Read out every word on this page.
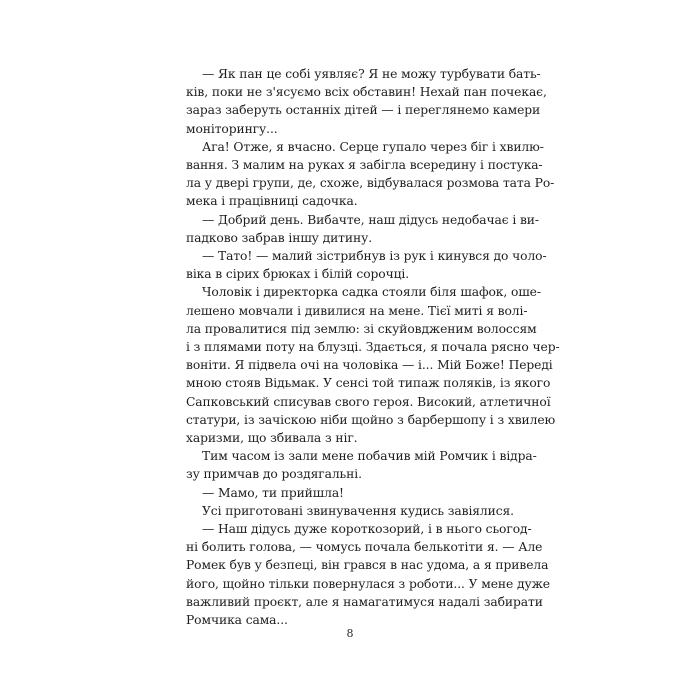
— Як пан це собі уявляє? Я не можу турбувати бать-
ків, поки не з'ясуємо всіх обставин! Нехай пан почекає,
зараз заберуть останніх дітей — і переглянемо камери
моніторингу...
Ага! Отже, я вчасно. Серце гупало через біг і хвилю-
вання. З малим на руках я забігла всередину і постука-
ла у двері групи, де, схоже, відбувалася розмова тата Ро-
мека і працівниці садочка.
— Добрий день. Вибачте, наш дідусь недобачає і ви-
падково забрав іншу дитину.
— Тато! — малий зістрибнув із рук і кинувся до чоло-
віка в сірих брюках і білій сорочці.
Чоловік і директорка садка стояли біля шафок, оше-
лешено мовчали і дивилися на мене. Тієї миті я волі-
ла провалитися під землю: зі скуйовдженим волоссям
і з плямами поту на блузці. Здається, я почала рясно чер-
воніти. Я підвела очі на чоловіка — і... Мій Боже! Переді
мною стояв Відьмак. У сенсі той типаж поляків, із якого
Сапковський списував свого героя. Високий, атлетичної
статури, із зачіскою ніби щойно з барбершопу і з хвилею
харизми, що збивала з ніг.
Тим часом із зали мене побачив мій Ромчик і відра-
зу примчав до роздягальні.
— Мамо, ти прийшла!
Усі приготовані звинувачення кудись завіялися.
— Наш дідусь дуже короткозорий, і в нього сьогод-
ні болить голова, — чомусь почала белькотіти я. — Але
Ромек був у безпеці, він грався в нас удома, а я привела
його, щойно тільки повернулася з роботи... У мене дуже
важливий проєкт, але я намагатимуся надалі забирати
Ромчика сама...
8
